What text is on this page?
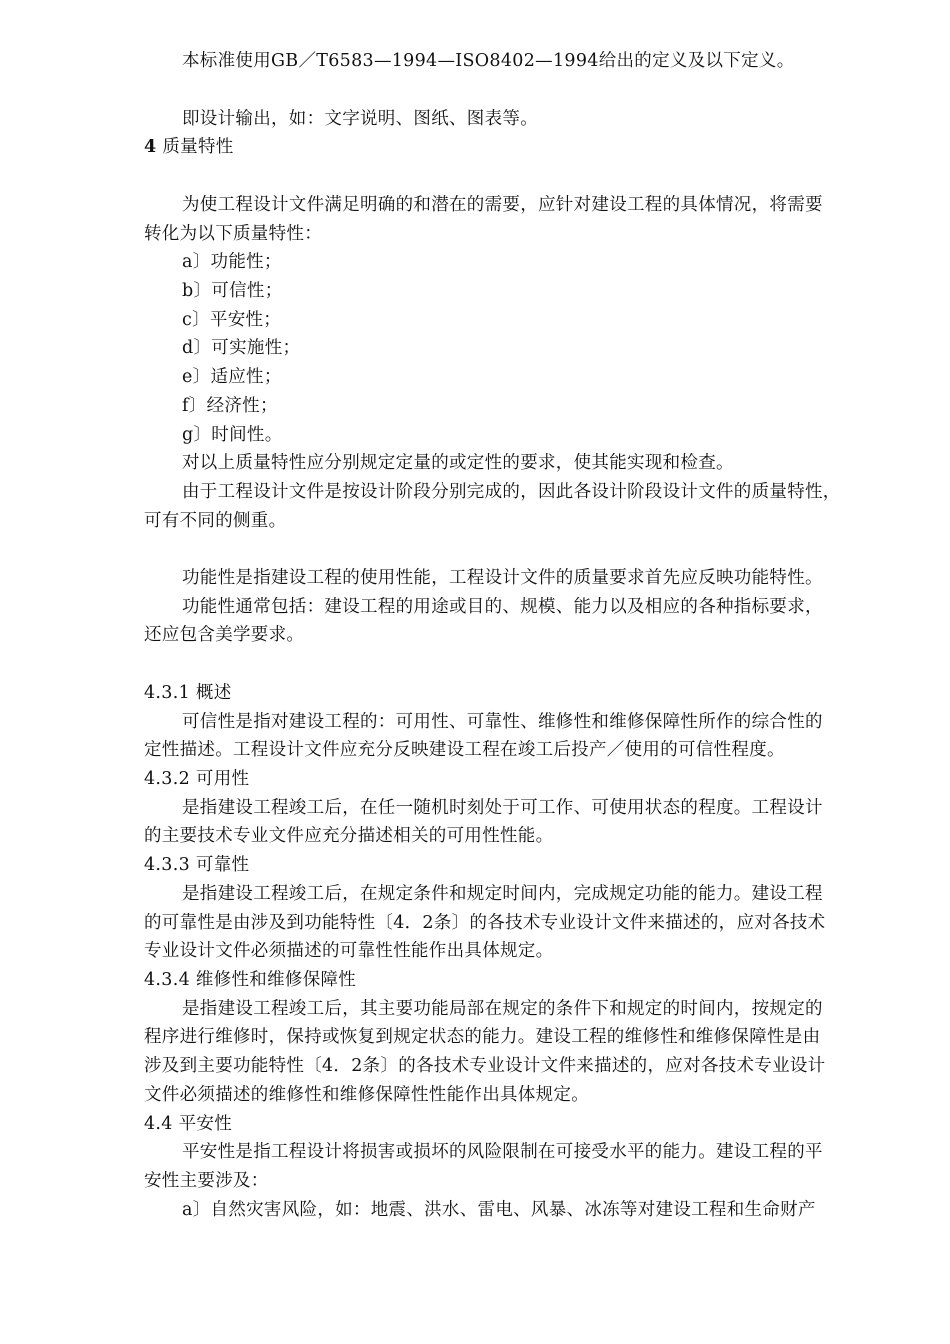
本标准使用GB／T6583—1994—ISO8402—1994给出的定义及以下定义。
即设计输出，如：文字说明、图纸、图表等。
4 质量特性
为使工程设计文件满足明确的和潜在的需要，应针对建设工程的具体情况，将需要
转化为以下质量特性：
a〕功能性；
b〕可信性；
c〕平安性；
d〕可实施性；
e〕适应性；
f〕经济性；
g〕时间性。
对以上质量特性应分别规定定量的或定性的要求，使其能实现和检查。
由于工程设计文件是按设计阶段分别完成的，因此各设计阶段设计文件的质量特性，
可有不同的侧重。
功能性是指建设工程的使用性能，工程设计文件的质量要求首先应反映功能特性。
功能性通常包括：建设工程的用途或目的、规模、能力以及相应的各种指标要求，
还应包含美学要求。
4.3.1 概述
可信性是指对建设工程的：可用性、可靠性、维修性和维修保障性所作的综合性的
定性描述。工程设计文件应充分反映建设工程在竣工后投产／使用的可信性程度。
4.3.2 可用性
是指建设工程竣工后，在任一随机时刻处于可工作、可使用状态的程度。工程设计
的主要技术专业文件应充分描述相关的可用性性能。
4.3.3 可靠性
是指建设工程竣工后，在规定条件和规定时间内，完成规定功能的能力。建设工程
的可靠性是由涉及到功能特性〔4．2条〕的各技术专业设计文件来描述的，应对各技术
专业设计文件必须描述的可靠性性能作出具体规定。
4.3.4 维修性和维修保障性
是指建设工程竣工后，其主要功能局部在规定的条件下和规定的时间内，按规定的
程序进行维修时，保持或恢复到规定状态的能力。建设工程的维修性和维修保障性是由
涉及到主要功能特性〔4．2条〕的各技术专业设计文件来描述的，应对各技术专业设计
文件必须描述的维修性和维修保障性性能作出具体规定。
4.4 平安性
平安性是指工程设计将损害或损坏的风险限制在可接受水平的能力。建设工程的平
安性主要涉及：
a〕自然灾害风险，如：地震、洪水、雷电、风暴、冰冻等对建设工程和生命财产
